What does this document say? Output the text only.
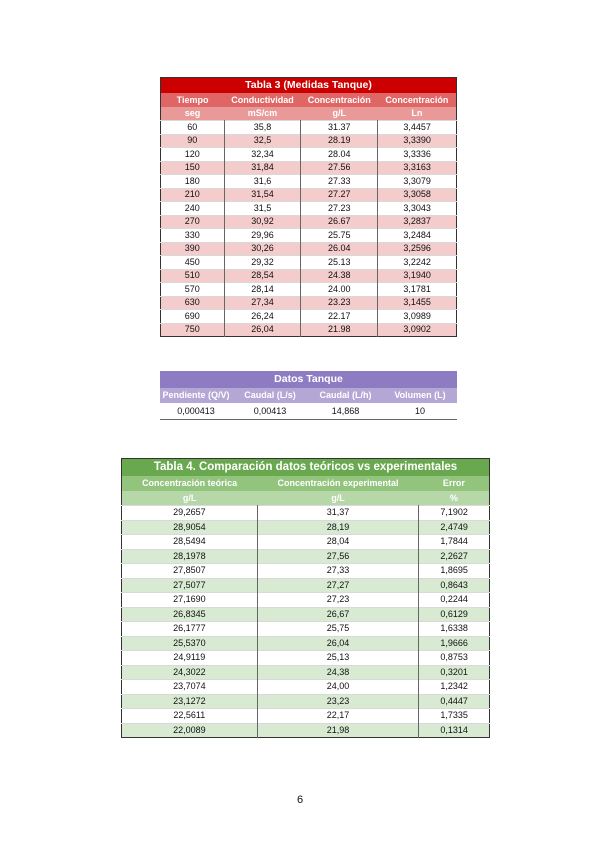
Tabla 3 (Medidas Tanque)			
Tiempo	Conductividad	Concentración	Concentración
seg	mS/cm	g/L	Ln
60	35,8	31.37	3,4457
90	32,5	28.19	3,3390
120	32,34	28.04	3,3336
150	31,84	27.56	3,3163
180	31,6	27.33	3,3079
210	31,54	27.27	3,3058
240	31,5	27.23	3,3043
270	30,92	26.67	3,2837
330	29,96	25.75	3,2484
390	30,26	26.04	3,2596
450	29,32	25.13	3,2242
510	28,54	24.38	3,1940
570	28,14	24.00	3,1781
630	27,34	23.23	3,1455
690	26,24	22.17	3,0989
750	26,04	21.98	3,0902
Datos Tanque			
Pendiente (Q/V)	Caudal (L/s)	Caudal (L/h)	Volumen (L)
0,000413	0,00413	14,868	10
Tabla 4. Comparación datos teóricos vs experimentales		
Concentración teórica	Concentración experimental	Error
g/L	g/L	%
29,2657	31,37	7,1902
28,9054	28,19	2,4749
28,5494	28,04	1,7844
28,1978	27,56	2,2627
27,8507	27,33	1,8695
27,5077	27,27	0,8643
27,1690	27,23	0,2244
26,8345	26,67	0,6129
26,1777	25,75	1,6338
25,5370	26,04	1,9666
24,9119	25,13	0,8753
24,3022	24,38	0,3201
23,7074	24,00	1,2342
23,1272	23,23	0,4447
22,5611	22,17	1,7335
22,0089	21,98	0,1314
6
